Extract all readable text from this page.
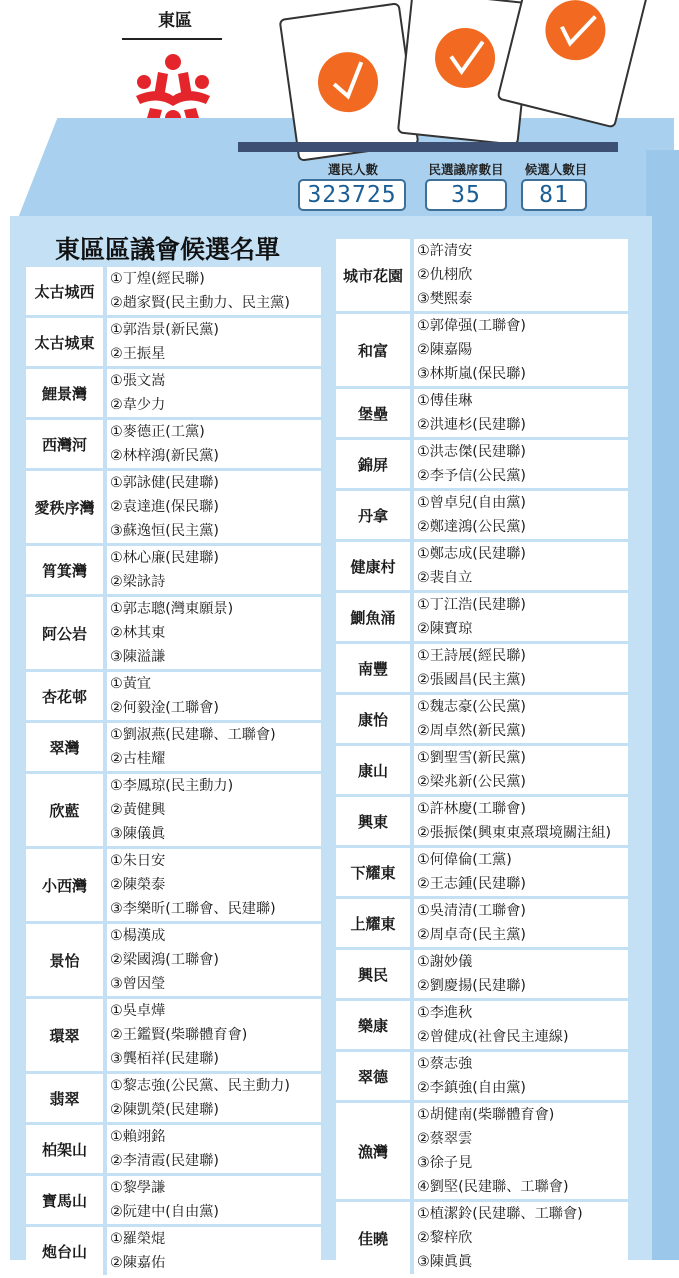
東區
選民人數
323725
民選議席數目
35
候選人數目
81
東區區議會候選名單
太古城西	①丁煌(經民聯)
②趙家賢(民主動力、民主黨)

太古城東	①郭浩景(新民黨)
②王振星

鯉景灣	①張文嵩
②韋少力

西灣河	①麥德正(工黨)
②林梓鴻(新民黨)

愛秩序灣	①郭詠健(民建聯)
②袁達進(保民聯)
③蘇逸恒(民主黨)

筲箕灣	①林心廉(民建聯)
②梁詠詩

阿公岩	①郭志聰(灣東願景)
②林其東
③陳溢謙

杏花邨	①黃宜
②何毅淦(工聯會)

翠灣	①劉淑燕(民建聯、工聯會)
②古桂耀

欣藍	①李鳳琼(民主動力)
②黃健興
③陳儀眞

小西灣	①朱日安
②陳榮泰
③李樂昕(工聯會、民建聯)

景怡	①楊漢成
②梁國鴻(工聯會)
③曾因瑩

環翠	①吳卓燁
②王鑑賢(柴聯體育會)
③龔栢祥(民建聯)

翡翠	①黎志強(公民黨、民主動力)
②陳凱榮(民建聯)

柏架山	①賴翊銘
②李清霞(民建聯)

寶馬山	①黎學謙
②阮建中(自由黨)

炮台山	①羅榮焜
②陳嘉佑
城市花園	①許清安
②仇栩欣
③樊熙泰

和富	①郭偉强(工聯會)
②陳嘉陽
③林斯嵐(保民聯)

堡壘	①傅佳琳
②洪連杉(民建聯)

錦屏	①洪志傑(民建聯)
②李予信(公民黨)

丹拿	①曾卓兒(自由黨)
②鄭達鴻(公民黨)

健康村	①鄭志成(民建聯)
②裴自立

鰂魚涌	①丁江浩(民建聯)
②陳寶琼

南豐	①王詩展(經民聯)
②張國昌(民主黨)

康怡	①魏志豪(公民黨)
②周卓然(新民黨)

康山	①劉聖雪(新民黨)
②梁兆新(公民黨)

興東	①許林慶(工聯會)
②張振傑(興東東熹環境關注組)

下耀東	①何偉倫(工黨)
②王志鍾(民建聯)

上耀東	①吳清清(工聯會)
②周卓奇(民主黨)

興民	①謝妙儀
②劉慶揚(民建聯)

樂康	①李進秋
②曾健成(社會民主連線)

翠德	①蔡志強
②李鎮強(自由黨)

漁灣	①胡健南(柴聯體育會)
②蔡翠雲
③徐子見
④劉堅(民建聯、工聯會)

佳曉	①植潔鈴(民建聯、工聯會)
②黎梓欣
③陳眞眞
